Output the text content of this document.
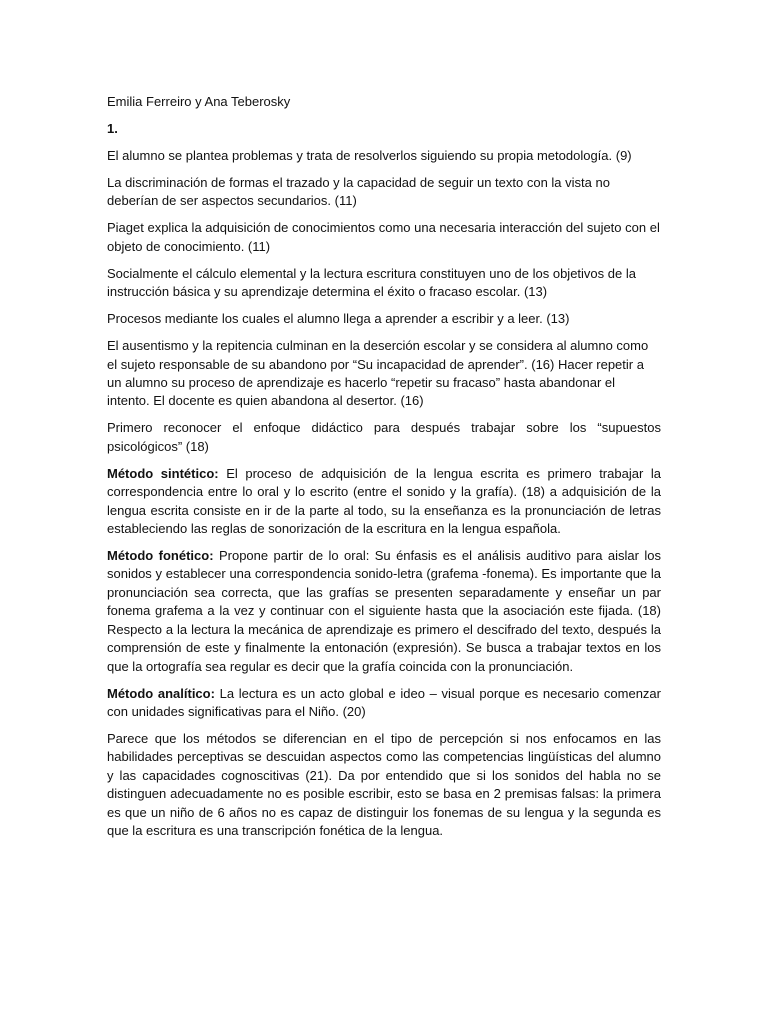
Emilia Ferreiro y Ana Teberosky

1.

El alumno se plantea problemas y trata de resolverlos siguiendo su propia metodología. (9)

La discriminación de formas el trazado y la capacidad de seguir un texto con la vista no deberían de ser aspectos secundarios. (11)

Piaget explica la adquisición de conocimientos como una necesaria interacción del sujeto con el objeto de conocimiento. (11)

Socialmente el cálculo elemental y la lectura escritura constituyen uno de los objetivos de la instrucción básica y su aprendizaje determina el éxito o fracaso escolar. (13)

Procesos mediante los cuales el alumno llega a aprender a escribir y a leer. (13)

El ausentismo y la repitencia culminan en la deserción escolar y se considera al alumno como el sujeto responsable de su abandono por “Su incapacidad de aprender”. (16) Hacer repetir a un alumno su proceso de aprendizaje es hacerlo “repetir su fracaso” hasta abandonar el intento. El docente es quien abandona al desertor. (16)

Primero reconocer el enfoque didáctico para después trabajar sobre los “supuestos psicológicos” (18)

Método sintético: El proceso de adquisición de la lengua escrita es primero trabajar la correspondencia entre lo oral y lo escrito (entre el sonido y la grafía). (18) a adquisición de la lengua escrita consiste en ir de la parte al todo, su la enseñanza es la pronunciación de letras estableciendo las reglas de sonorización de la escritura en la lengua española.

Método fonético: Propone partir de lo oral: Su énfasis es el análisis auditivo para aislar los sonidos y establecer una correspondencia sonido-letra (grafema -fonema). Es importante que la pronunciación sea correcta, que las grafías se presenten separadamente y enseñar un par fonema grafema a la vez y continuar con el siguiente hasta que la asociación este fijada. (18) Respecto a la lectura la mecánica de aprendizaje es primero el descifrado del texto, después la comprensión de este y finalmente la entonación (expresión). Se busca a trabajar textos en los que la ortografía sea regular es decir que la grafía coincida con la pronunciación.

Método analítico: La lectura es un acto global e ideo – visual porque es necesario comenzar con unidades significativas para el Niño. (20)

Parece que los métodos se diferencian en el tipo de percepción si nos enfocamos en las habilidades perceptivas se descuidan aspectos como las competencias lingüísticas del alumno y las capacidades cognoscitivas (21). Da por entendido que si los sonidos del habla no se distinguen adecuadamente no es posible escribir, esto se basa en 2 premisas falsas: la primera es que un niño de 6 años no es capaz de distinguir los fonemas de su lengua y la segunda es que la escritura es una transcripción fonética de la lengua.
